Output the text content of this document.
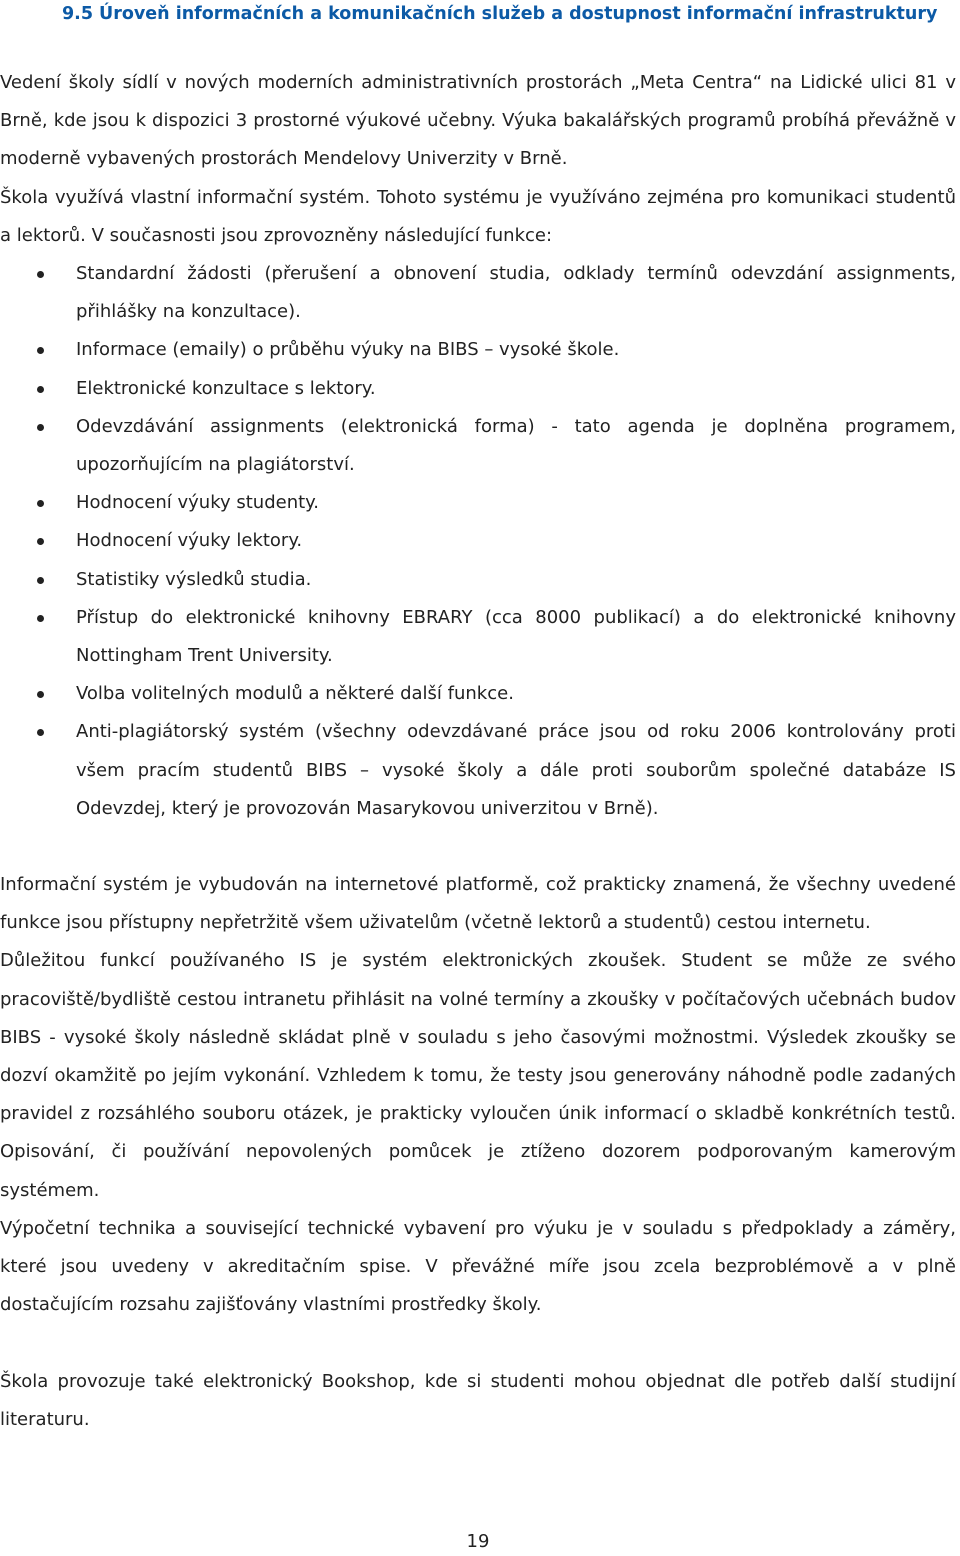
9.5 Úroveň informačních a komunikačních služeb a dostupnost informační infrastruktury

Vedení školy sídlí v nových moderních administrativních prostorách „Meta Centra“ na Lidické ulici 81 v Brně, kde jsou k dispozici 3 prostorné výukové učebny. Výuka bakalářských programů probíhá převážně v moderně vybavených prostorách Mendelovy Univerzity v Brně.

Škola využívá vlastní informační systém. Tohoto systému je využíváno zejména pro komunikaci studentů a lektorů. V současnosti jsou zprovozněny následující funkce:

Standardní žádosti (přerušení a obnovení studia, odklady termínů odevzdání assignments, přihlášky na konzultace).
Informace (emaily) o průběhu výuky na BIBS – vysoké škole.
Elektronické konzultace s lektory.
Odevzdávání assignments (elektronická forma) - tato agenda je doplněna programem, upozorňujícím na plagiátorství.
Hodnocení výuky studenty.
Hodnocení výuky lektory.
Statistiky výsledků studia.
Přístup do elektronické knihovny EBRARY (cca 8000 publikací) a do elektronické knihovny Nottingham Trent University.
Volba volitelných modulů a některé další funkce.
Anti-plagiátorský systém (všechny odevzdávané práce jsou od roku 2006 kontrolovány proti všem pracím studentů BIBS – vysoké školy a dále proti souborům společné databáze IS Odevzdej, který je provozován Masarykovou univerzitou v Brně).

Informační systém je vybudován na internetové platformě, což prakticky znamená, že všechny uvedené funkce jsou přístupny nepřetržitě všem uživatelům (včetně lektorů a studentů) cestou internetu.

Důležitou funkcí používaného IS je systém elektronických zkoušek. Student se může ze svého pracoviště/bydliště cestou intranetu přihlásit na volné termíny a zkoušky v počítačových učebnách budov BIBS - vysoké školy následně skládat plně v souladu s jeho časovými možnostmi. Výsledek zkoušky se dozví okamžitě po jejím vykonání. Vzhledem k tomu, že testy jsou generovány náhodně podle zadaných pravidel z rozsáhlého souboru otázek, je prakticky vyloučen únik informací o skladbě konkrétních testů. Opisování, či používání nepovolených pomůcek je ztíženo dozorem podporovaným kamerovým systémem.

Výpočetní technika a související technické vybavení pro výuku je v souladu s předpoklady a záměry, které jsou uvedeny v akreditačním spise. V převážné míře jsou zcela bezproblémově a v plně dostačujícím rozsahu zajišťovány vlastními prostředky školy.

Škola provozuje také elektronický Bookshop, kde si studenti mohou objednat dle potřeb další studijní literaturu.

19
